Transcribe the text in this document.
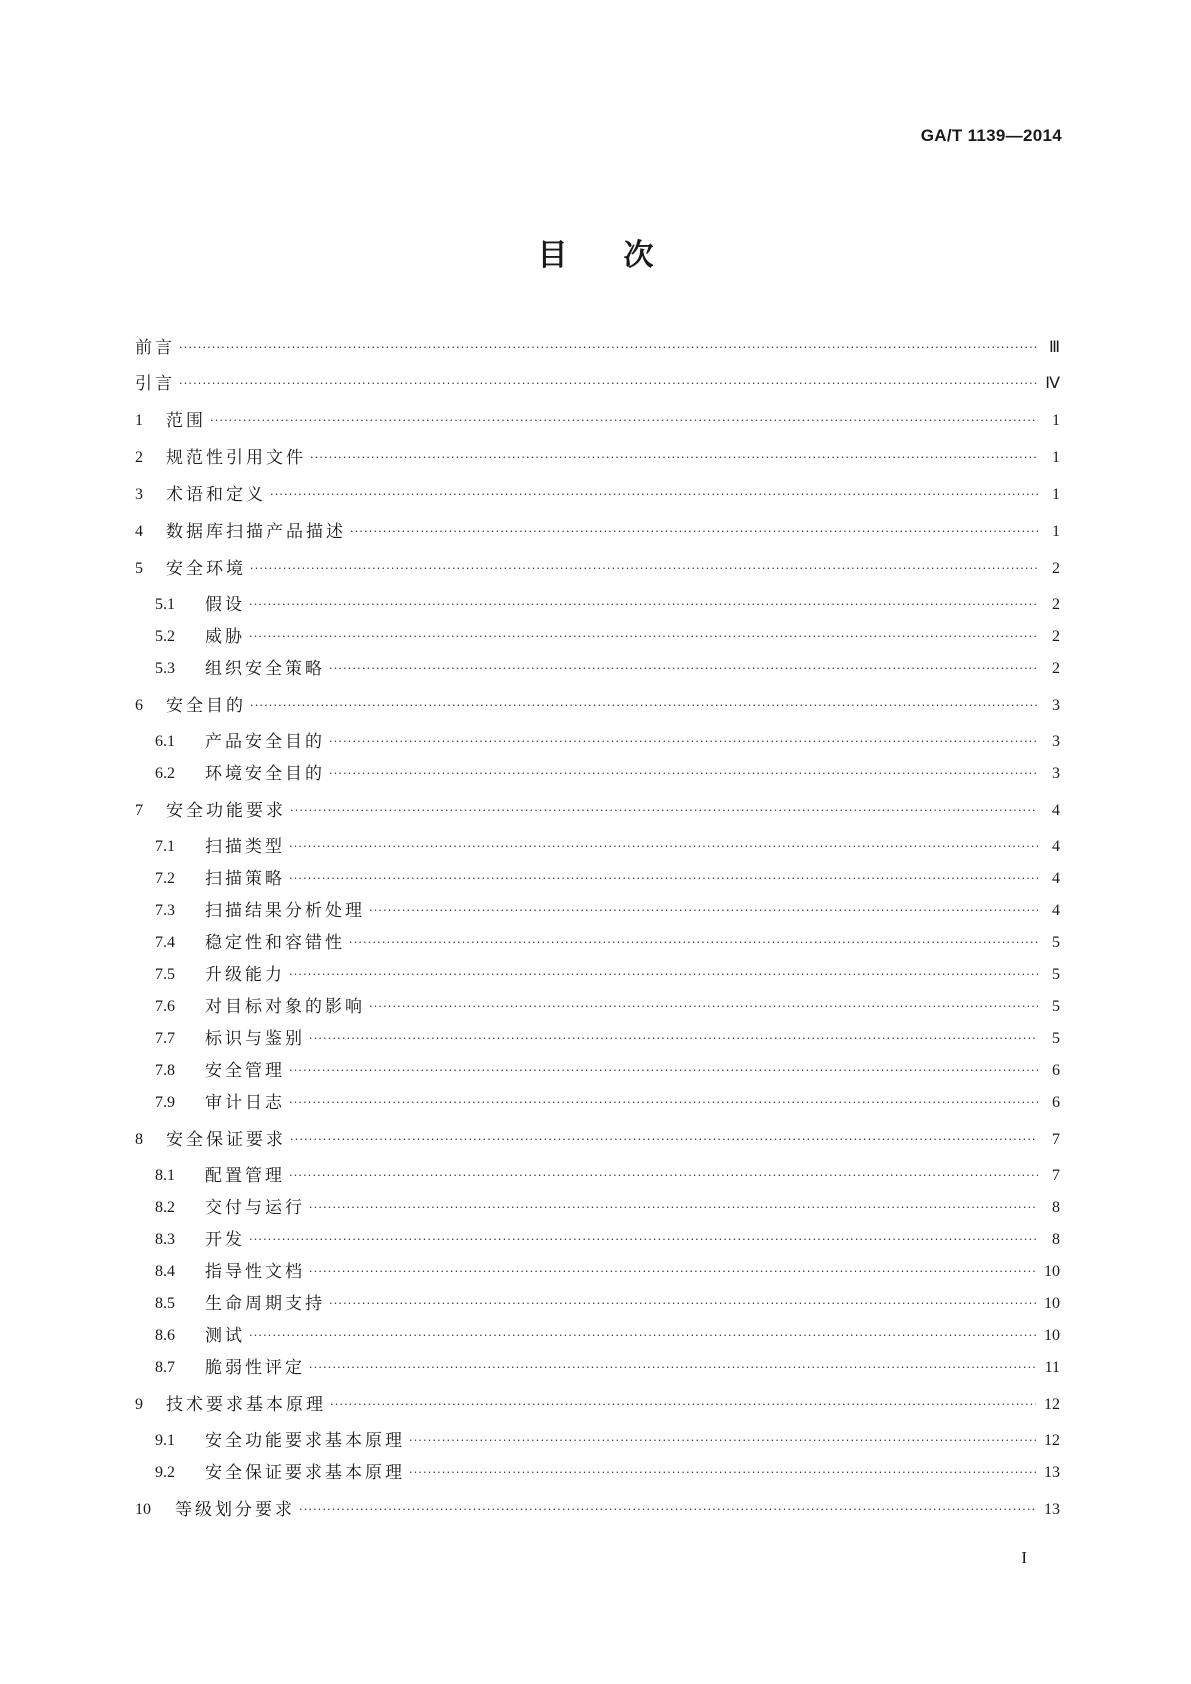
GA/T 1139—2014
目次
前言 ·····	Ⅲ
引言 ·····	Ⅳ
1	范围 ·····	1
2	规范性引用文件 ·····	1
3	术语和定义 ·····	1
4	数据库扫描产品描述 ·····	1
5	安全环境 ·····	2
5.1	假设 ·····	2
5.2	威胁 ·····	2
5.3	组织安全策略 ·····	2
6	安全目的 ·····	3
6.1	产品安全目的 ·····	3
6.2	环境安全目的 ·····	3
7	安全功能要求 ·····	4
7.1	扫描类型 ·····	4
7.2	扫描策略 ·····	4
7.3	扫描结果分析处理 ·····	4
7.4	稳定性和容错性 ·····	5
7.5	升级能力 ·····	5
7.6	对目标对象的影响 ·····	5
7.7	标识与鉴别 ·····	5
7.8	安全管理 ·····	6
7.9	审计日志 ·····	6
8	安全保证要求 ·····	7
8.1	配置管理 ·····	7
8.2	交付与运行 ·····	8
8.3	开发 ·····	8
8.4	指导性文档 ·····	10
8.5	生命周期支持 ·····	10
8.6	测试 ·····	10
8.7	脆弱性评定 ·····	11
9	技术要求基本原理 ·····	12
9.1	安全功能要求基本原理 ·····	12
9.2	安全保证要求基本原理 ·····	13
10	等级划分要求 ·····	13
I
